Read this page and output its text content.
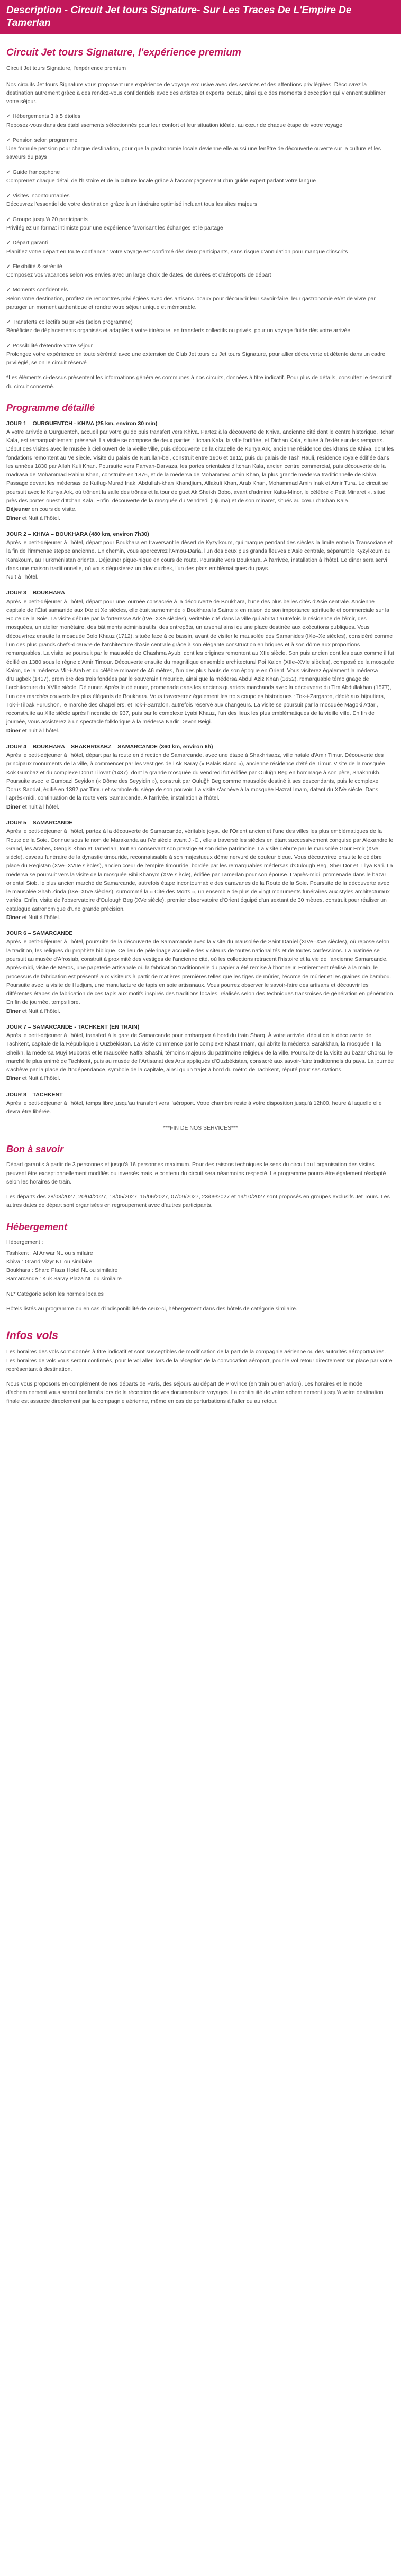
Description - Circuit Jet tours Signature- Sur Les Traces De L'Empire De Tamerlan
Circuit Jet tours Signature, l'expérience premium

Circuit Jet tours Signature, l'expérience premium

Nos circuits Jet tours Signature vous proposent une expérience de voyage exclusive avec des services et des attentions privilégiées. Découvrez la destination autrement grâce à des rendez-vous confidentiels avec des artistes et experts locaux, ainsi que des moments d'exception qui viennent sublimer votre séjour.

✓ Hébergements 3 à 5 étoiles
Reposez-vous dans des établissements sélectionnés pour leur confort et leur situation idéale, au cœur de chaque étape de votre voyage
✓ Pension selon programme
Une formule pension pour chaque destination, pour que la gastronomie locale devienne elle aussi une fenêtre de découverte ouverte sur la culture et les saveurs du pays
✓ Guide francophone
Comprenez chaque détail de l'histoire et de la culture locale grâce à l'accompagnement d'un guide expert parlant votre langue
✓ Visites incontournables
Découvrez l'essentiel de votre destination grâce à un itinéraire optimisé incluant tous les sites majeurs
✓ Groupe jusqu'à 20 participants
Privilégiez un format intimiste pour une expérience favorisant les échanges et le partage
✓ Départ garanti
Planifiez votre départ en toute confiance : votre voyage est confirmé dès deux participants, sans risque d'annulation pour manque d'inscrits
✓ Flexibilité & sérénité
Composez vos vacances selon vos envies avec un large choix de dates, de durées et d'aéroports de départ
✓ Moments confidentiels
Selon votre destination, profitez de rencontres privilégiées avec des artisans locaux pour découvrir leur savoir-faire, leur gastronomie et/et de vivre par partager un moment authentique et rendre votre séjour unique et mémorable.
✓ Transferts collectifs ou privés (selon programme)
Bénéficiez de déplacements organisés et adaptés à votre itinéraire, en transferts collectifs ou privés, pour un voyage fluide dès votre arrivée
✓ Possibilité d'étendre votre séjour
Prolongez votre expérience en toute sérénité avec une extension de Club Jet tours ou Jet tours Signature, pour allier découverte et détente dans un cadre privilégié, selon le circuit réservé

*Les éléments ci-dessus présentent les informations générales communes à nos circuits, données à titre indicatif. Pour plus de détails, consultez le descriptif du circuit concerné.

Programme détaillé
JOUR 1 – OURGUENTCH - KHIVA (25 km, environ 30 min)

À votre arrivée à Ourguentch, accueil par votre guide puis transfert vers Khiva. Partez à la découverte de Khiva, ancienne cité dont le centre historique, Itchan Kala, est remarquablement préservé. La visite se compose de deux parties : Itchan Kala, la ville fortifiée, et Dichan Kala, située à l'extérieur des remparts. Début des visites avec le musée à ciel ouvert de la vieille ville, puis découverte de la citadelle de Kunya Ark, ancienne résidence des khans de Khiva, dont les fondations remontent au Ve siècle. Visite du palais de Nurullah-bei, construit entre 1906 et 1912, puis du palais de Tash Hauli, résidence royale édifiée dans les années 1830 par Allah Kuli Khan. Poursuite vers Pahvan-Darvaza, les portes orientales d'Itchan Kala, ancien centre commercial, puis découverte de la madrasa de Mohammad Rahim Khan, construite en 1876, et de la médersa de Mohammed Amin Khan, la plus grande médersa traditionnelle de Khiva. Passage devant les médersas de Kutlug-Murad Inak, Abdullah-khan Khandjium, Allakuli Khan, Arab Khan, Mohammad Amin Inak et Amir Tura. Le circuit se poursuit avec le Kunya Ark, où trônent la salle des trônes et la tour de guet Ak Sheikh Bobo, avant d'admirer Kalta-Minor, le célèbre « Petit Minaret », situé près des portes ouest d'Itchan Kala. Enfin, découverte de la mosquée du Vendredi (Djuma) et de son minaret, situés au cœur d'Itchan Kala.

Déjeuner en cours de visite.
Dîner et Nuit à l'hôtel.
JOUR 2 – KHIVA – BOUKHARA (480 km, environ 7h30)

Après le petit-déjeuner à l'hôtel, départ pour Boukhara en traversant le désert de Kyzylkoum, qui marque pendant des siècles la limite entre la Transoxiane et la fin de l'immense steppe ancienne. En chemin, vous apercevrez l'Amou-Daria, l'un des deux plus grands fleuves d'Asie centrale, séparant le Kyzylkoum du Karakoum, au Turkménistan oriental. Déjeuner pique-nique en cours de route. Poursuite vers Boukhara. À l'arrivée, installation à l'hôtel. Le dîner sera servi dans une maison traditionnelle, où vous dégusterez un plov ouzbek, l'un des plats emblématiques du pays.

Nuit à l'hôtel.
JOUR 3 – BOUKHARA

Après le petit-déjeuner à l'hôtel, départ pour une journée consacrée à la découverte de Boukhara, l'une des plus belles cités d'Asie centrale. Ancienne capitale de l'État samanide aux IXe et Xe siècles, elle était surnommée « Boukhara la Sainte » en raison de son importance spirituelle et commerciale sur la Route de la Soie. La visite débute par la forteresse Ark (IVe–XXe siècles), véritable cité dans la ville qui abritait autrefois la résidence de l'émir, des mosquées, un atelier monétaire, des bâtiments administratifs, des entrepôts, un arsenal ainsi qu'une place destinée aux exécutions publiques. Vous découvrirez ensuite la mosquée Bolo Khauz (1712), située face à ce bassin, avant de visiter le mausolée des Samanides (IXe–Xe siècles), considéré comme l'un des plus grands chefs-d'œuvre de l'architecture d'Asie centrale grâce à son élégante construction en briques et à son dôme aux proportions remarquables. La visite se poursuit par le mausolée de Chashma Ayub, dont les origines remontent au XIIe siècle. Son puis ancien dont les eaux comme il fut édifié en 1380 sous le règne d'Amir Timour. Découverte ensuite du magnifique ensemble architectural Poi Kalon (XIIe–XVIe siècles), composé de la mosquée Kalon, de la médersa Mir-i-Arab et du célèbre minaret de 46 mètres, l'un des plus hauts de son époque en Orient. Vous visiterez également la médersa d'Ulugbek (1417), première des trois fondées par le souverain timouride, ainsi que la médersa Abdul Aziz Khan (1652), remarquable témoignage de l'architecture du XVIIe siècle. Déjeuner. Après le déjeuner, promenade dans les anciens quartiers marchands avec la découverte du Tim Abdullakhan (1577), l'un des marchés couverts les plus élégants de Boukhara. Vous traverserez également les trois coupoles historiques : Tok-i-Zargaron, dédié aux bijoutiers, Tok-i-Tilpak Furushon, le marché des chapeliers, et Tok-i-Sarrafon, autrefois réservé aux changeurs. La visite se poursuit par la mosquée Magoki Attari, reconstruite au XIIe siècle après l'incendie de 937, puis par le complexe Lyabi Khauz, l'un des lieux les plus emblématiques de la vieille ville. En fin de journée, vous assisterez à un spectacle folklorique à la médersa Nadir Devon Beigi.

Dîner et nuit à l'hôtel.
JOUR 4 – BOUKHARA – SHAKHRISABZ – SAMARCANDE (360 km, environ 6h)

Après le petit-déjeuner à l'hôtel, départ par la route en direction de Samarcande, avec une étape à Shakhrisabz, ville natale d'Amir Timur. Découverte des principaux monuments de la ville, à commencer par les vestiges de l'Ak Saray (« Palais Blanc »), ancienne résidence d'été de Timur. Visite de la mosquée Kok Gumbaz et du complexe Dorut Tilovat (1437), dont la grande mosquée du vendredi fut édifiée par Ouluğh Beg en hommage à son père, Shakhrukh. Poursuite avec le Gumbazi Seyidon (« Dôme des Seyyidin »), construit par Ouluğh Beg comme mausolée destiné à ses descendants, puis le complexe Dorus Saodat, édifié en 1392 par Timur et symbole du siège de son pouvoir. La visite s'achève à la mosquée Hazrat Imam, datant du XIVe siècle. Dans l'après-midi, continuation de la route vers Samarcande. À l'arrivée, installation à l'hôtel.

Dîner et nuit à l'hôtel.
JOUR 5 – SAMARCANDE

Après le petit-déjeuner à l'hôtel, partez à la découverte de Samarcande, véritable joyau de l'Orient ancien et l'une des villes les plus emblématiques de la Route de la Soie. Connue sous le nom de Marakanda au IVe siècle avant J.-C., elle a traversé les siècles en étant successivement conquise par Alexandre le Grand, les Arabes, Gengis Khan et Tamerlan, tout en conservant son prestige et son riche patrimoine. La visite débute par le mausolée Gour Emir (XVe siècle), caveau funéraire de la dynastie timouride, reconnaissable à son majestueux dôme nervuré de couleur bleue. Vous découvrirez ensuite le célèbre place du Registan (XVe–XVIIe siècles), ancien cœur de l'empire timouride, bordée par les remarquables médersas d'Oulough Beg, Sher Dor et Tillya Kari. La médersa se poursuit vers la visite de la mosquée Bibi Khanym (XVe siècle), édifiée par Tamerlan pour son épouse. L'après-midi, promenade dans le bazar oriental Siob, le plus ancien marché de Samarcande, autrefois étape incontournable des caravanes de la Route de la Soie. Poursuite de la découverte avec le mausolée Shah Zinda (IXe–XIVe siècles), surnommé la « Cité des Morts », un ensemble de plus de vingt monuments funéraires aux styles architecturaux variés. Enfin, visite de l'observatoire d'Oulough Beg (XVe siècle), premier observatoire d'Orient équipé d'un sextant de 30 mètres, construit pour réaliser un catalogue astronomique d'une grande précision.

Dîner et Nuit à l'hôtel.
JOUR 6 – SAMARCANDE

Après le petit-déjeuner à l'hôtel, poursuite de la découverte de Samarcande avec la visite du mausolée de Saint Daniel (XIVe–XVe siècles), où repose selon la tradition, les reliques du prophète biblique. Ce lieu de pèlerinage accueille des visiteurs de toutes nationalités et de toutes confessions. La matinée se poursuit au musée d'Afrosiab, construit à proximité des vestiges de l'ancienne cité, où les collections retracent l'histoire et la vie de l'ancienne Samarcande. Après-midi, visite de Meros, une papeterie artisanale où la fabrication traditionnelle du papier a été remise à l'honneur. Entièrement réalisé à la main, le processus de fabrication est présenté aux visiteurs à partir de matières premières telles que les tiges de mûrier, l'écorce de mûrier et les graines de bambou. Poursuite avec la visite de Hudjum, une manufacture de tapis en soie artisanaux. Vous pourrez observer le savoir-faire des artisans et découvrir les différentes étapes de fabrication de ces tapis aux motifs inspirés des traditions locales, réalisés selon des techniques transmises de génération en génération. En fin de journée, temps libre.

Dîner et Nuit à l'hôtel.
JOUR 7 – SAMARCANDE - TACHKENT (EN TRAIN)

Après le petit-déjeuner à l'hôtel, transfert à la gare de Samarcande pour embarquer à bord du train Sharq. À votre arrivée, début de la découverte de Tachkent, capitale de la République d'Ouzbékistan. La visite commence par le complexe Khast Imam, qui abrite la médersa Barakkhan, la mosquée Tilla Sheikh, la médersa Muyi Muborak et le mausolée Kaffal Shashi, témoins majeurs du patrimoine religieux de la ville. Poursuite de la visite au bazar Chorsu, le marché le plus animé de Tachkent, puis au musée de l'Artisanat des Arts appliqués d'Ouzbékistan, consacré aux savoir-faire traditionnels du pays. La journée s'achève par la place de l'Indépendance, symbole de la capitale, ainsi qu'un trajet à bord du métro de Tachkent, réputé pour ses stations.

Dîner et Nuit à l'hôtel.
JOUR 8 – TACHKENT

Après le petit-déjeuner à l'hôtel, temps libre jusqu'au transfert vers l'aéroport. Votre chambre reste à votre disposition jusqu'à 12h00, heure à laquelle elle devra être libérée.

***FIN DE NOS SERVICES***
Bon à savoir

Départ garantis à partir de 3 personnes et jusqu'à 16 personnes maximum. Pour des raisons techniques le sens du circuit ou l'organisation des visites peuvent être exceptionnellement modifiés ou inversés mais le contenu du circuit sera néanmoins respecté. Le programme pourra être également réadapté selon les horaires de train.

Les départs des 28/03/2027, 20/04/2027, 18/05/2027, 15/06/2027, 07/09/2027, 23/09/2027 et 19/10/2027 sont proposés en groupes exclusifs Jet Tours. Les autres dates de départ sont organisées en regroupement avec d'autres participants.

Hébergement

Hébergement :

Tashkent : Al Anwar NL ou similaire
Khiva : Grand Vizyr NL ou similaire
Boukhara : Sharq Plaza Hotel NL ou similaire
Samarcande : Kuk Saray Plaza NL ou similaire

NL* Catégorie selon les normes locales

Hôtels listés au programme ou en cas d'indisponibilité de ceux-ci, hébergement dans des hôtels de catégorie similaire.

Infos vols

Les horaires des vols sont donnés à titre indicatif et sont susceptibles de modification de la part de la compagnie aérienne ou des autorités aéroportuaires. Les horaires de vols vous seront confirmés, pour le vol aller, lors de la réception de la convocation aéroport, pour le vol retour directement sur place par votre représentant à destination.

Nous vous proposons en complément de nos départs de Paris, des séjours au départ de Province (en train ou en avion). Les horaires et le mode d'acheminement vous seront confirmés lors de la réception de vos documents de voyages. La continuité de votre acheminement jusqu'à votre destination finale est assurée directement par la compagnie aérienne, même en cas de perturbations à l'aller ou au retour.
